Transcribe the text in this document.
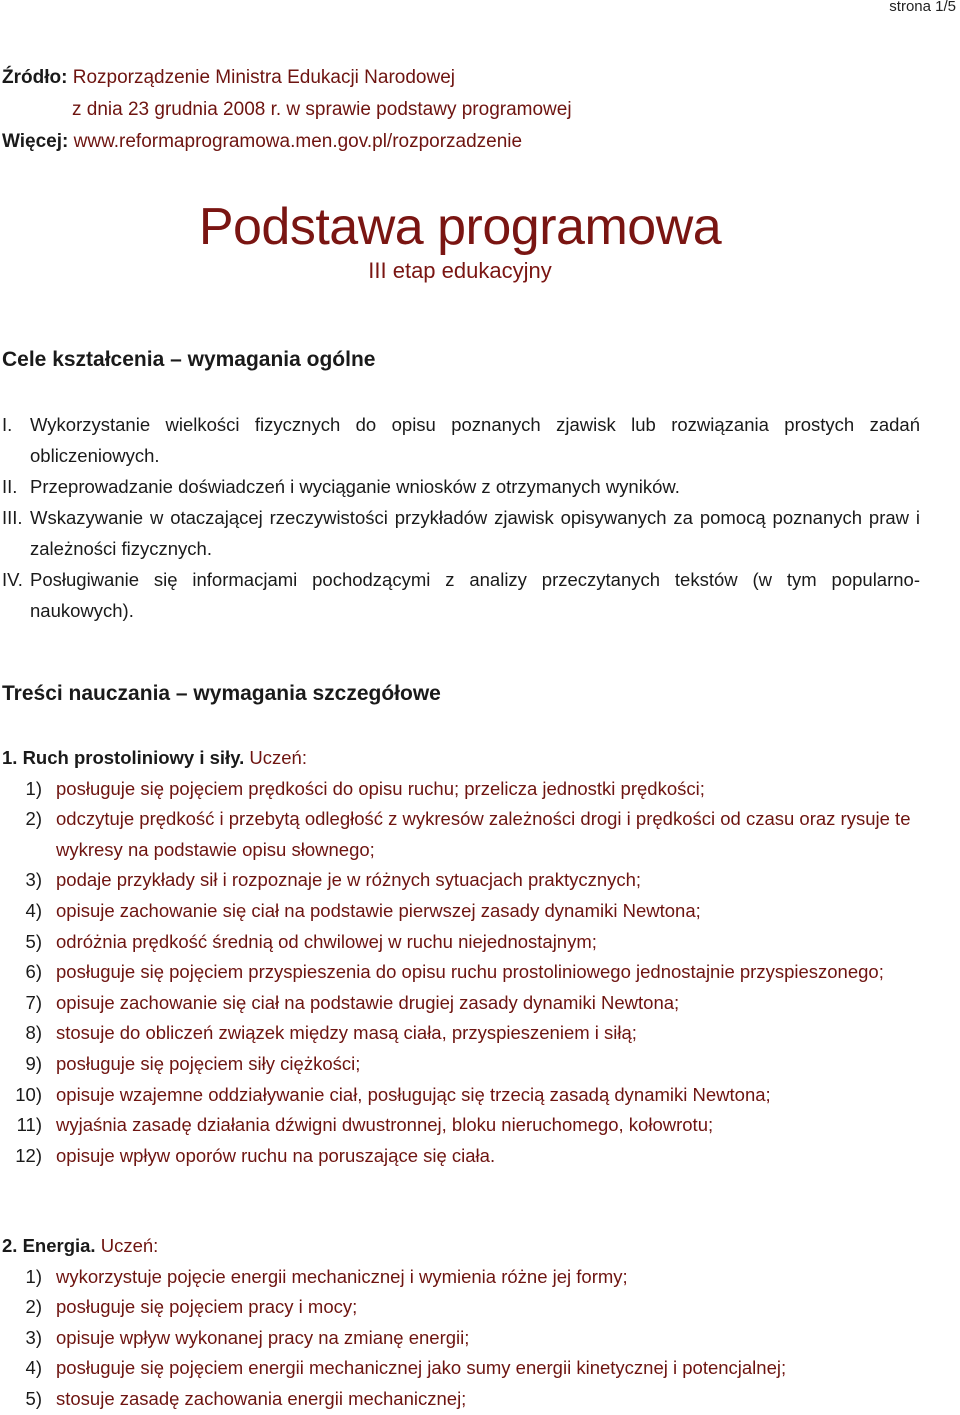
strona 1/5
Źródło: Rozporządzenie Ministra Edukacji Narodowej
z dnia 23 grudnia 2008 r. w sprawie podstawy programowej
Więcej: www.reformaprogramowa.men.gov.pl/rozporzadzenie
Podstawa programowa
III etap edukacyjny
Cele kształcenia – wymagania ogólne
I. Wykorzystanie wielkości fizycznych do opisu poznanych zjawisk lub rozwiązania prostych zadań obliczeniowych.
II. Przeprowadzanie doświadczeń i wyciąganie wniosków z otrzymanych wyników.
III. Wskazywanie w otaczającej rzeczywistości przykładów zjawisk opisywanych za pomocą poznanych praw i zależności fizycznych.
IV. Posługiwanie się informacjami pochodzącymi z analizy przeczytanych tekstów (w tym popularno-naukowych).
Treści nauczania – wymagania szczegółowe
1. Ruch prostoliniowy i siły. Uczeń:
1) posługuje się pojęciem prędkości do opisu ruchu; przelicza jednostki prędkości;
2) odczytuje prędkość i przebytą odległość z wykresów zależności drogi i prędkości od czasu oraz rysuje te wykresy na podstawie opisu słownego;
3) podaje przykłady sił i rozpoznaje je w różnych sytuacjach praktycznych;
4) opisuje zachowanie się ciał na podstawie pierwszej zasady dynamiki Newtona;
5) odróżnia prędkość średnią od chwilowej w ruchu niejednostajnym;
6) posługuje się pojęciem przyspieszenia do opisu ruchu prostoliniowego jednostajnie przyspieszonego;
7) opisuje zachowanie się ciał na podstawie drugiej zasady dynamiki Newtona;
8) stosuje do obliczeń związek między masą ciała, przyspieszeniem i siłą;
9) posługuje się pojęciem siły ciężkości;
10) opisuje wzajemne oddziaływanie ciał, posługując się trzecią zasadą dynamiki Newtona;
11) wyjaśnia zasadę działania dźwigni dwustronnej, bloku nieruchomego, kołowrotu;
12) opisuje wpływ oporów ruchu na poruszające się ciała.
2. Energia. Uczeń:
1) wykorzystuje pojęcie energii mechanicznej i wymienia różne jej formy;
2) posługuje się pojęciem pracy i mocy;
3) opisuje wpływ wykonanej pracy na zmianę energii;
4) posługuje się pojęciem energii mechanicznej jako sumy energii kinetycznej i potencjalnej;
5) stosuje zasadę zachowania energii mechanicznej;
